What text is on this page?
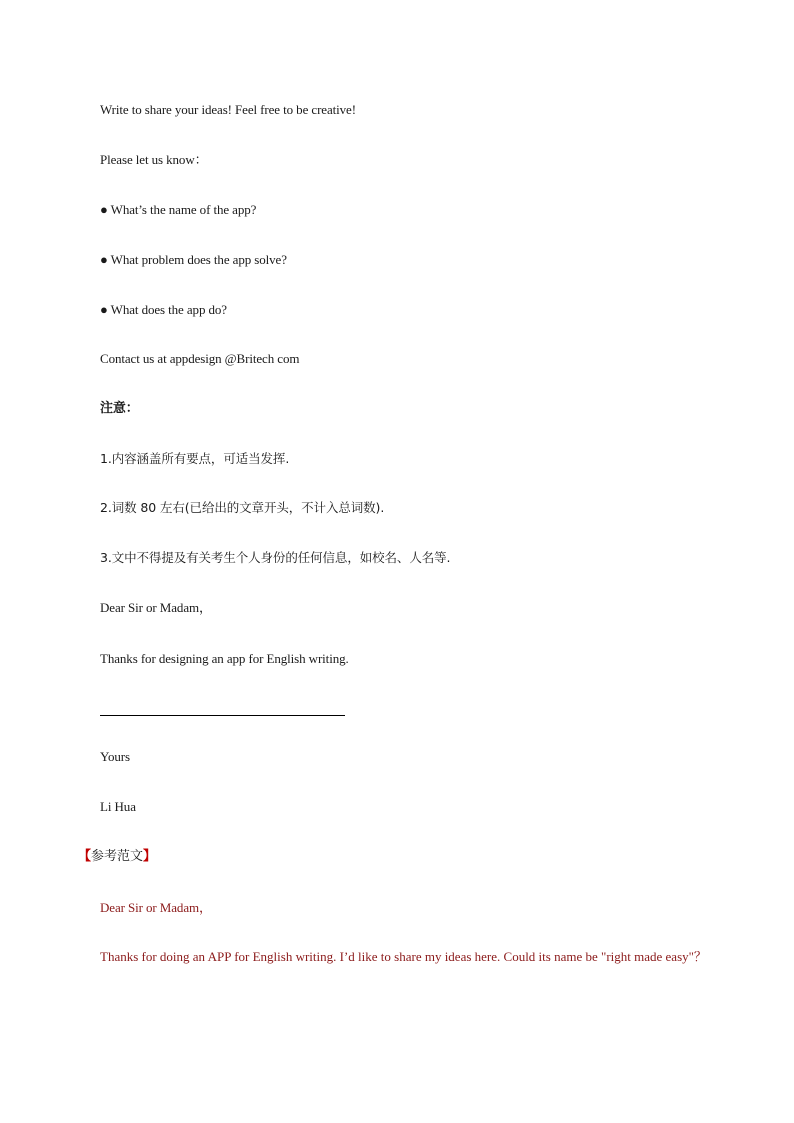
Write to share your ideas! Feel free to be creative!
Please let us know：
● What’s the name of the app?
● What problem does the app solve?
● What does the app do?
Contact us at appdesign @Britech com
注意：
1.内容涵盖所有要点，可适当发挥.
2.词数 80 左右(已给出的文章开头，不计入总词数).
3.文中不得提及有关考生个人身份的任何信息，如校名、人名等.
Dear Sir or Madam，
Thanks for designing an app for English writing.
Yours
Li Hua
【参考范文】
Dear Sir or Madam，
Thanks for doing an APP for English writing. I’d like to share my ideas here. Could its name be "right made easy"？
